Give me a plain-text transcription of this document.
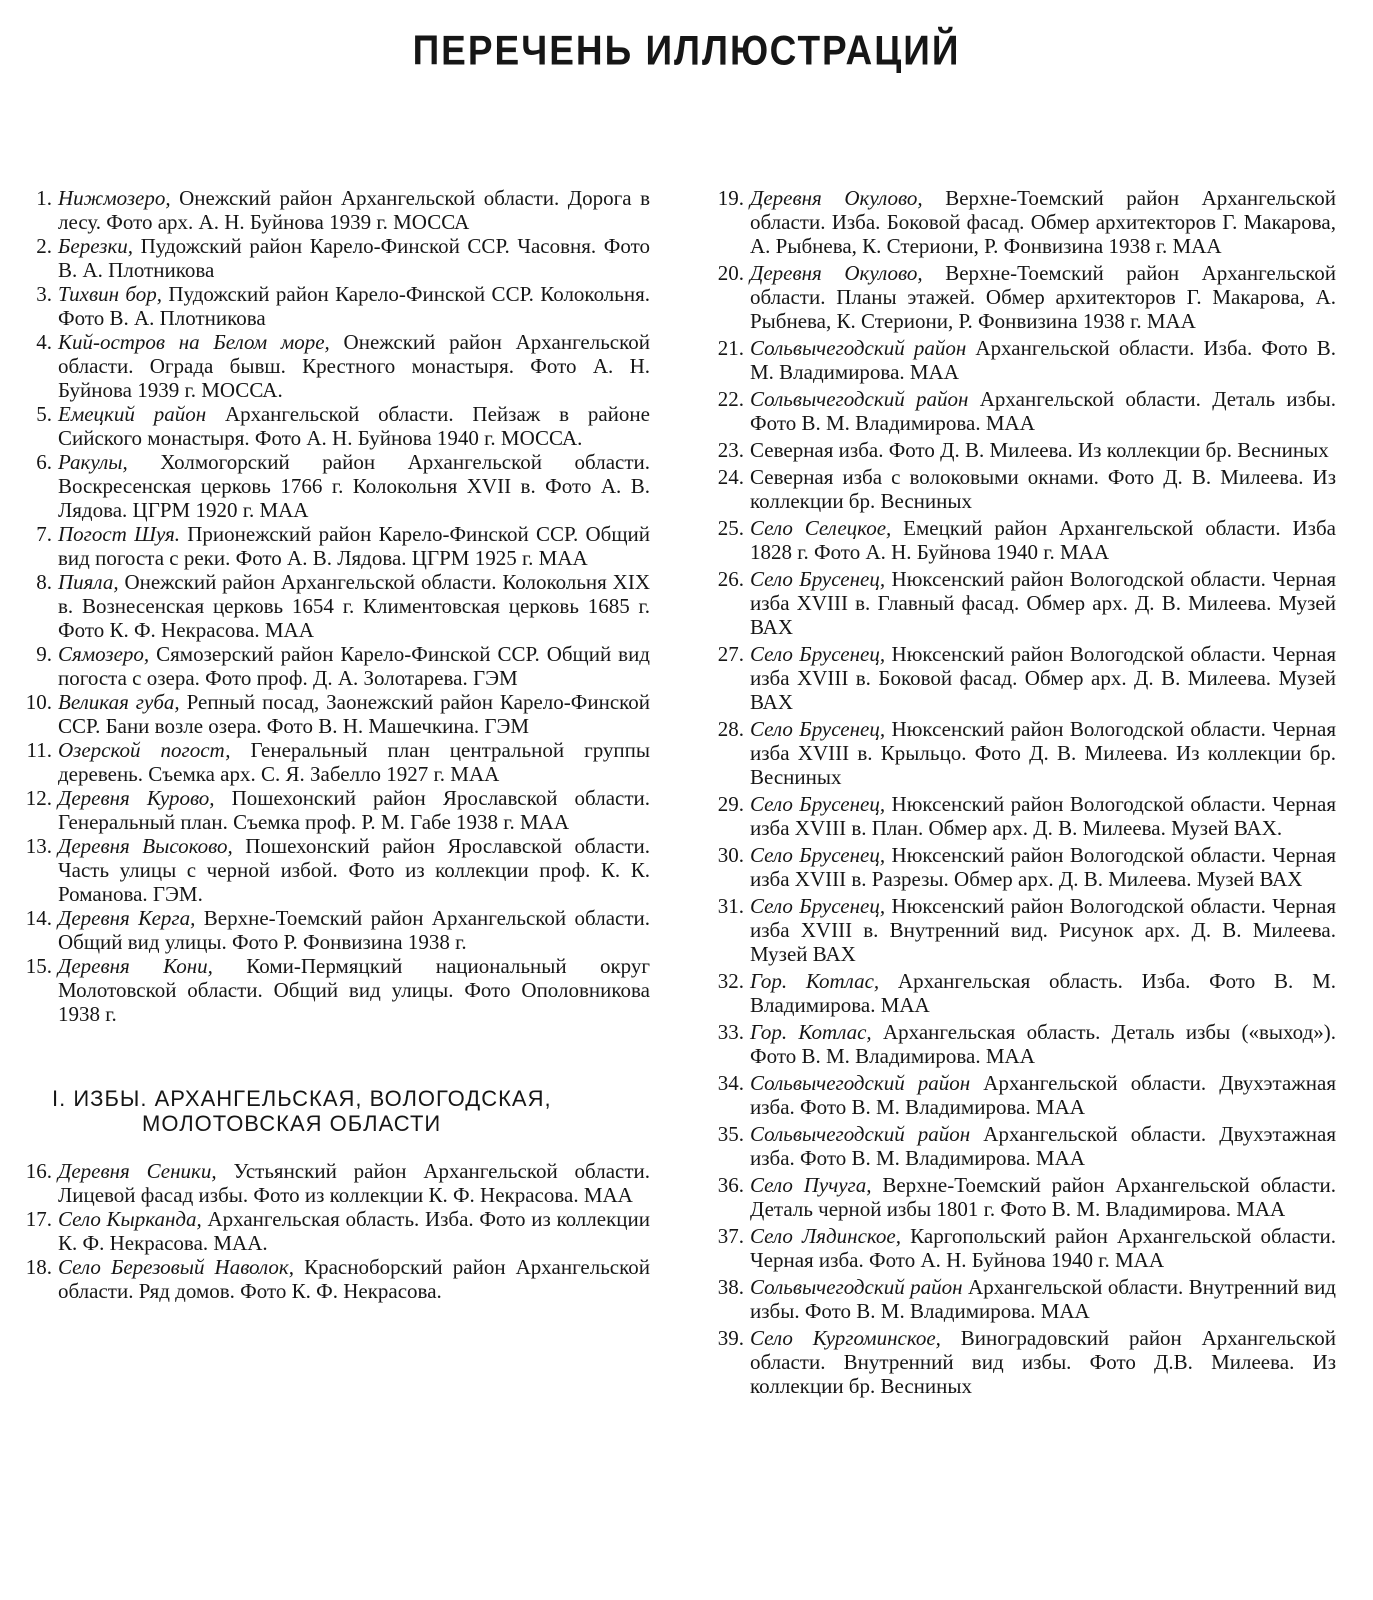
ПЕРЕЧЕНЬ ИЛЛЮСТРАЦИЙ
1. Нижмозеро, Онежский район Архангельской области. Дорога в лесу. Фото арх. А. Н. Буйнова 1939 г. МОССА
2. Березки, Пудожский район Карело-Финской ССР. Часовня. Фото В. А. Плотникова
3. Тихвин бор, Пудожский район Карело-Финской ССР. Колокольня. Фото В. А. Плотникова
4. Кий-остров на Белом море, Онежский район Архангельской области. Ограда бывш. Крестного монастыря. Фото А. Н. Буйнова 1939 г. МОССА.
5. Емецкий район Архангельской области. Пейзаж в районе Сийского монастыря. Фото А. Н. Буйнова 1940 г. МОССА.
6. Ракулы, Холмогорский район Архангельской области. Воскресенская церковь 1766 г. Колокольня XVII в. Фото А. В. Лядова. ЦГРМ 1920 г. МАА
7. Погост Шуя. Прионежский район Карело-Финской ССР. Общий вид погоста с реки. Фото А. В. Лядова. ЦГРМ 1925 г. МАА
8. Пияла, Онежский район Архангельской области. Колокольня XIX в. Вознесенская церковь 1654 г. Климентовская церковь 1685 г. Фото К. Ф. Некрасова. МАА
9. Сямозеро, Сямозерский район Карело-Финской ССР. Общий вид погоста с озера. Фото проф. Д. А. Золотарева. ГЭМ
10. Великая губа, Репный посад, Заонежский район Карело-Финской ССР. Бани возле озера. Фото В. Н. Машечкина. ГЭМ
11. Озерской погост, Генеральный план центральной группы деревень. Съемка арх. С. Я. Забелло 1927 г. МАА
12. Деревня Курово, Пошехонский район Ярославской области. Генеральный план. Съемка проф. Р. М. Габе 1938 г. МАА
13. Деревня Высоково, Пошехонский район Ярославской области. Часть улицы с черной избой. Фото из коллекции проф. К. К. Романова. ГЭМ.
14. Деревня Керга, Верхне-Тоемский район Архангельской области. Общий вид улицы. Фото Р. Фонвизина 1938 г.
15. Деревня Кони, Коми-Пермяцкий национальный округ Молотовской области. Общий вид улицы. Фото Ополовникова 1938 г.
I. ИЗБЫ. АРХАНГЕЛЬСКАЯ, ВОЛОГОДСКАЯ,
МОЛОТОВСКАЯ ОБЛАСТИ
16. Деревня Сеники, Устьянский район Архангельской области. Лицевой фасад избы. Фото из коллекции К. Ф. Некрасова. МАА
17. Село Кырканда, Архангельская область. Изба. Фото из коллекции К. Ф. Некрасова. МАА.
18. Село Березовый Наволок, Красноборский район Архангельской области. Ряд домов. Фото К. Ф. Некрасова.
19. Деревня Окулово, Верхне-Тоемский район Архангельской области. Изба. Боковой фасад. Обмер архитекторов Г. Макарова, А. Рыбнева, К. Стериони, Р. Фонвизина 1938 г. МАА
20. Деревня Окулово, Верхне-Тоемский район Архангельской области. Планы этажей. Обмер архитекторов Г. Макарова, А. Рыбнева, К. Стериони, Р. Фонвизина 1938 г. МАА
21. Сольвычегодский район Архангельской области. Изба. Фото В. М. Владимирова. МАА
22. Сольвычегодский район Архангельской области. Деталь избы. Фото В. М. Владимирова. МАА
23. Северная изба. Фото Д. В. Милеева. Из коллекции бр. Весниных
24. Северная изба с волоковыми окнами. Фото Д. В. Милеева. Из коллекции бр. Весниных
25. Село Селецкое, Емецкий район Архангельской области. Изба 1828 г. Фото А. Н. Буйнова 1940 г. МАА
26. Село Брусенец, Нюксенский район Вологодской области. Черная изба XVIII в. Главный фасад. Обмер арх. Д. В. Милеева. Музей ВАХ
27. Село Брусенец, Нюксенский район Вологодской области. Черная изба XVIII в. Боковой фасад. Обмер арх. Д. В. Милеева. Музей ВАХ
28. Село Брусенец, Нюксенский район Вологодской области. Черная изба XVIII в. Крыльцо. Фото Д. В. Милеева. Из коллекции бр. Весниных
29. Село Брусенец, Нюксенский район Вологодской области. Черная изба XVIII в. План. Обмер арх. Д. В. Милеева. Музей ВАХ.
30. Село Брусенец, Нюксенский район Вологодской области. Черная изба XVIII в. Разрезы. Обмер арх. Д. В. Милеева. Музей ВАХ
31. Село Брусенец, Нюксенский район Вологодской области. Черная изба XVIII в. Внутренний вид. Рисунок арх. Д. В. Милеева. Музей ВАХ
32. Гор. Котлас, Архангельская область. Изба. Фото В. М. Владимирова. МАА
33. Гор. Котлас, Архангельская область. Деталь избы («выход»). Фото В. М. Владимирова. МАА
34. Сольвычегодский район Архангельской области. Двухэтажная изба. Фото В. М. Владимирова. МАА
35. Сольвычегодский район Архангельской области. Двухэтажная изба. Фото В. М. Владимирова. МАА
36. Село Пучуга, Верхне-Тоемский район Архангельской области. Деталь черной избы 1801 г. Фото В. М. Владимирова. МАА
37. Село Лядинское, Каргопольский район Архангельской области. Черная изба. Фото А. Н. Буйнова 1940 г. МАА
38. Сольвычегодский район Архангельской области. Внутренний вид избы. Фото В. М. Владимирова. МАА
39. Село Кургоминское, Виноградовский район Архангельской области. Внутренний вид избы. Фото Д.В. Милеева. Из коллекции бр. Весниных
